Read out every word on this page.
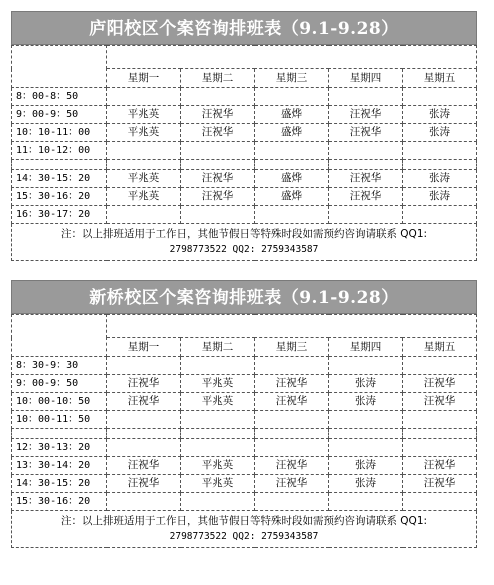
庐阳校区个案咨询排班表（9.1-9.28）

	星期一	星期二	星期三	星期四	星期五
8：00-8：50					
9：00-9：50	平兆英	汪祝华	盛烨	汪祝华	张涛
10：10-11：00	平兆英	汪祝华	盛烨	汪祝华	张涛
11：10-12：00					

14：30-15：20	平兆英	汪祝华	盛烨	汪祝华	张涛
15：30-16：20	平兆英	汪祝华	盛烨	汪祝华	张涛
16：30-17：20					
注：以上排班适用于工作日，其他节假日等特殊时段如需预约咨询请联系 QQ1:
2798773522 QQ2: 2759343587					
新桥校区个案咨询排班表（9.1-9.28）

	星期一	星期二	星期三	星期四	星期五
8：30-9：30					
9：00-9：50	汪祝华	平兆英	汪祝华	张涛	汪祝华
10：00-10：50	汪祝华	平兆英	汪祝华	张涛	汪祝华
10：00-11：50					

12：30-13：20					
13：30-14：20	汪祝华	平兆英	汪祝华	张涛	汪祝华
14：30-15：20	汪祝华	平兆英	汪祝华	张涛	汪祝华
15：30-16：20					
注：以上排班适用于工作日，其他节假日等特殊时段如需预约咨询请联系 QQ1:
2798773522 QQ2: 2759343587					
